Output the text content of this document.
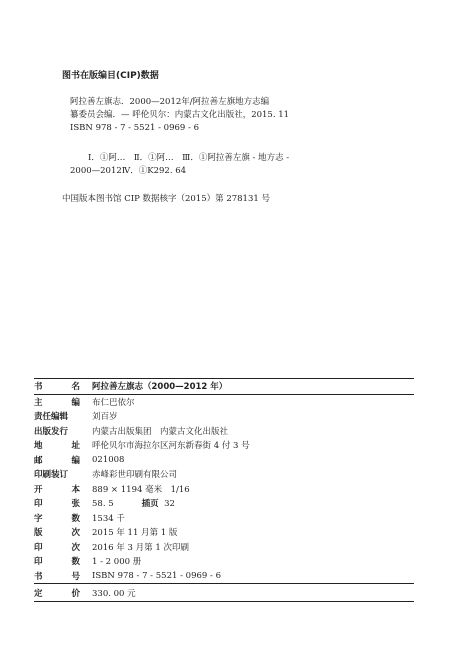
图书在版编目(CIP)数据
阿拉善左旗志．2000—2012年/阿拉善左旗地方志编
纂委员会编．— 呼伦贝尔：内蒙古文化出版社，2015. 11
ISBN 978 - 7 - 5521 - 0969 - 6
Ⅰ．①阿…　Ⅱ．①阿…　Ⅲ．①阿拉善左旗 - 地方志 -
2000—2012Ⅳ．①K292. 64
中国版本图书馆 CIP 数据核字（2015）第 278131 号
书	名	阿拉善左旗志（2000—2012 年）
主	编	布仁巴依尔
责任编辑	刘百岁
出版发行	内蒙古出版集团　内蒙古文化出版社
地	址	呼伦贝尔市海拉尔区河东新春街 4 付 3 号
邮	编	021008
印刷装订	赤峰彩世印刷有限公司
开	本	889 × 1194 毫米　1/16
印	张	58. 5	插页 32
字	数	1534 千
版	次	2015 年 11 月第 1 版
印	次	2016 年 3 月第 1 次印刷
印	数	1 - 2 000 册
书	号	ISBN 978 - 7 - 5521 - 0969 - 6
定	价	330. 00 元
